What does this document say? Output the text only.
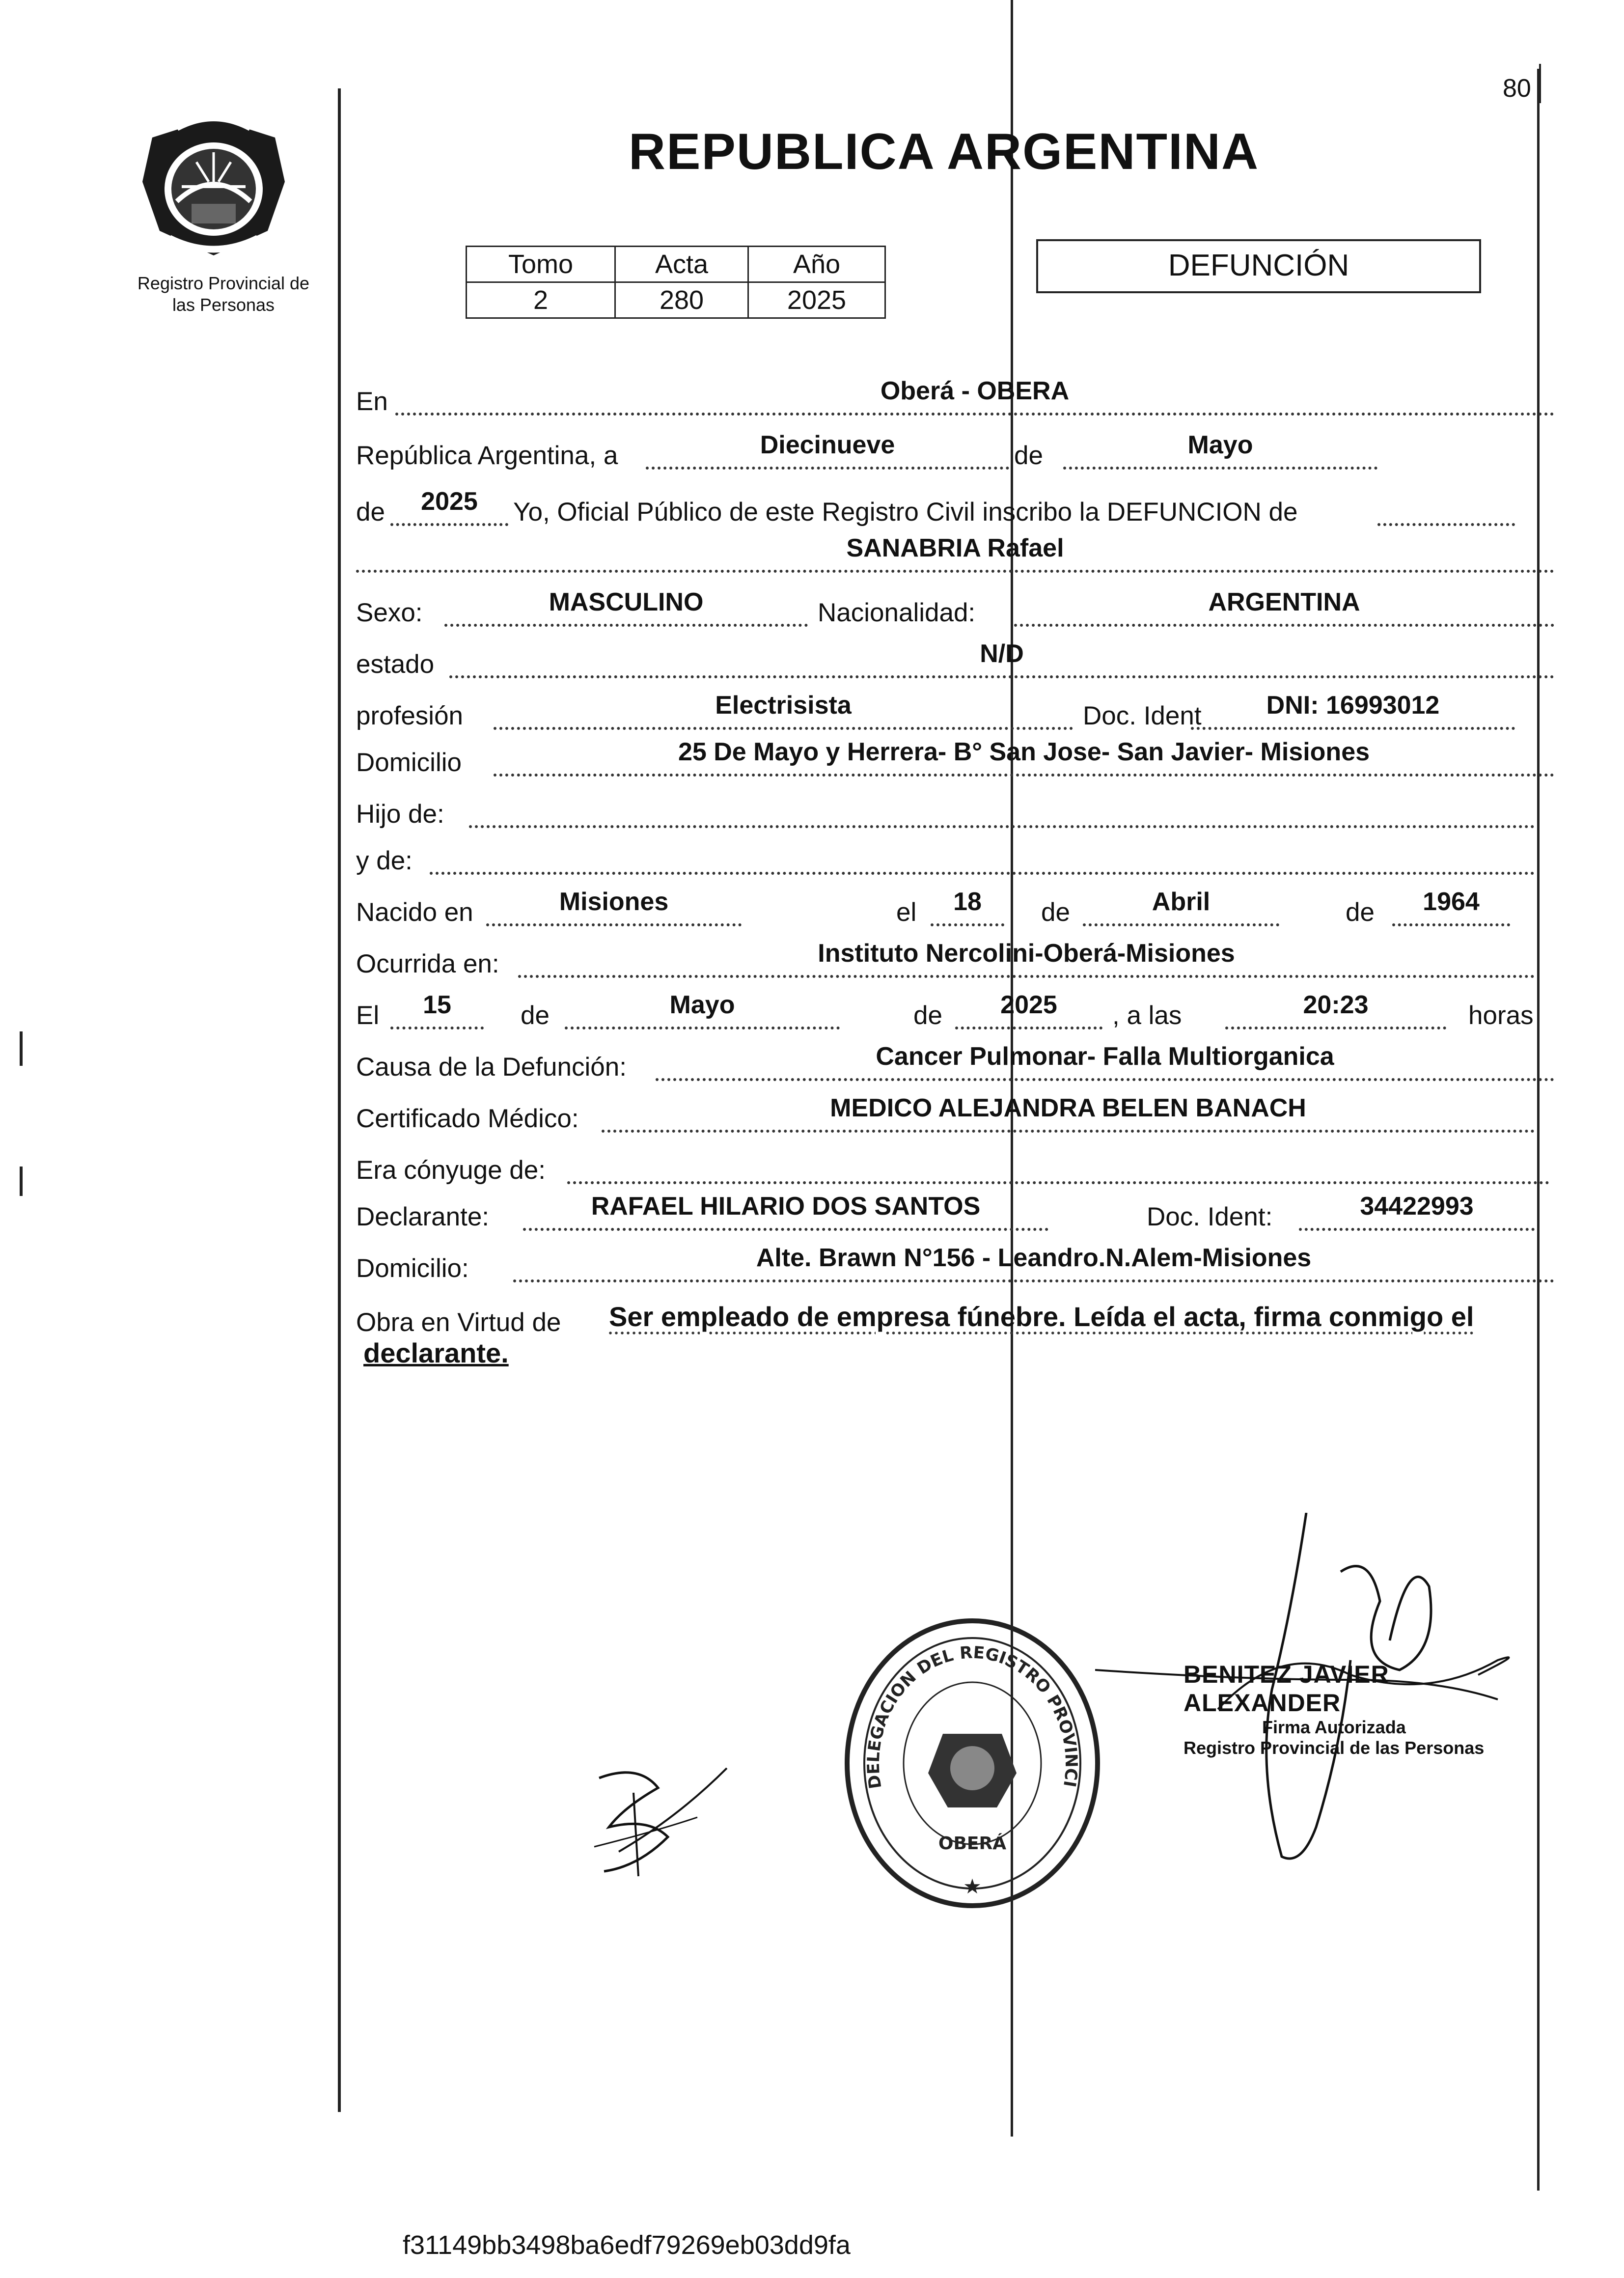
80
Registro Provincial de
las Personas
REPUBLICA ARGENTINA
Tomo	Acta	Año
2	280	2025
DEFUNCIÓN
En	Oberá - OBERA
República Argentina, a	Diecinueve	de	Mayo
de	2025	Yo, Oficial Público de este Registro Civil inscribo la DEFUNCION de
SANABRIA Rafael
Sexo:	MASCULINO	Nacionalidad:	ARGENTINA
estado	N/D
profesión	Electrisista	Doc. Ident	DNI: 16993012
Domicilio	25 De Mayo y Herrera- B° San Jose- San Javier- Misiones
Hijo de:
y de:
Nacido en	Misiones	el	18	de	Abril	de	1964
Ocurrida en:	Instituto Nercolini-Oberá-Misiones
El	15	de	Mayo	de	2025	, a las	20:23	horas
Causa de la Defunción:	Cancer Pulmonar- Falla Multiorganica
Certificado Médico:	MEDICO ALEJANDRA BELEN BANACH
Era cónyuge de:
Declarante:	RAFAEL HILARIO DOS SANTOS	Doc. Ident:	34422993
Domicilio:	Alte. Brawn N°156 - Leandro.N.Alem-Misiones
Obra en Virtud de Ser empleado de empresa fúnebre. Leída el acta, firma conmigo el
declarante.
DELEGACION DEL REGISTRO PROVINCI
OBERÁ
★
BENITEZ JAVIER ALEXANDER
Firma Autorizada
Registro Provincial de las Personas
f31149bb3498ba6edf79269eb03dd9fa
